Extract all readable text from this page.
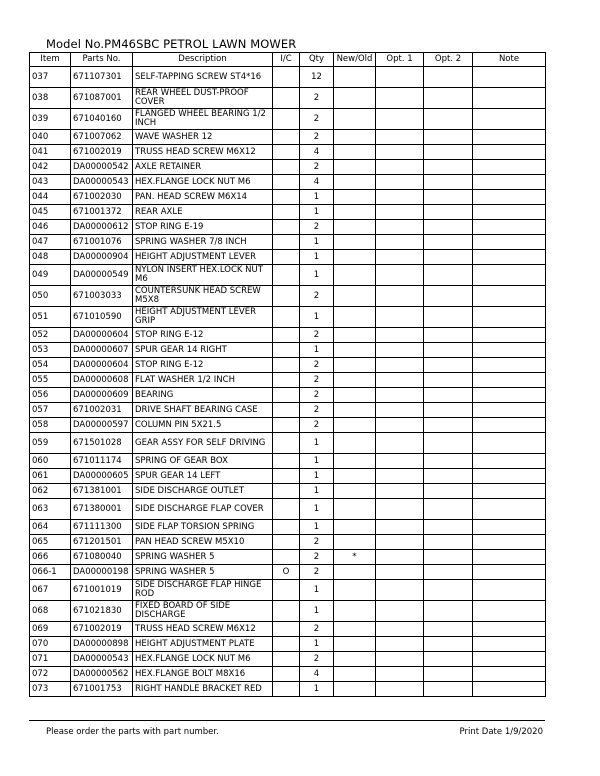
Model No.PM46SBC PETROL LAWN MOWER
Item	Parts No.	Description	I/C	Qty	New/Old	Opt. 1	Opt. 2	Note
037	671107301	SELF-TAPPING SCREW ST4*16		12				
038	671087001	REAR WHEEL DUST-PROOF COVER		2				
039	671040160	FLANGED WHEEL BEARING 1/2 INCH		2				
040	671007062	WAVE WASHER 12		2				
041	671002019	TRUSS HEAD SCREW M6X12		4				
042	DA00000542	AXLE RETAINER		2				
043	DA00000543	HEX.FLANGE LOCK NUT M6		4				
044	671002030	PAN. HEAD SCREW M6X14		1				
045	671001372	REAR AXLE		1				
046	DA00000612	STOP RING E-19		2				
047	671001076	SPRING WASHER 7/8 INCH		1				
048	DA00000904	HEIGHT ADJUSTMENT LEVER		1				
049	DA00000549	NYLON INSERT HEX.LOCK NUT M6		1				
050	671003033	COUNTERSUNK HEAD SCREW M5X8		2				
051	671010590	HEIGHT ADJUSTMENT LEVER GRIP		1				
052	DA00000604	STOP RING E-12		2				
053	DA00000607	SPUR GEAR 14 RIGHT		1				
054	DA00000604	STOP RING E-12		2				
055	DA00000608	FLAT WASHER 1/2 INCH		2				
056	DA00000609	BEARING		2				
057	671002031	DRIVE SHAFT BEARING CASE		2				
058	DA00000597	COLUMN PIN 5X21.5		2				
059	671501028	GEAR ASSY FOR SELF DRIVING		1				
060	671011174	SPRING OF GEAR BOX		1				
061	DA00000605	SPUR GEAR 14 LEFT		1				
062	671381001	SIDE DISCHARGE OUTLET		1				
063	671380001	SIDE DISCHARGE FLAP COVER		1				
064	671111300	SIDE FLAP TORSION SPRING		1				
065	671201501	PAN HEAD SCREW M5X10		2				
066	671080040	SPRING WASHER 5		2	*			
066-1	DA00000198	SPRING WASHER 5	O	2				
067	671001019	SIDE DISCHARGE FLAP HINGE ROD		1				
068	671021830	FIXED BOARD OF SIDE DISCHARGE		1				
069	671002019	TRUSS HEAD SCREW M6X12		2				
070	DA00000898	HEIGHT ADJUSTMENT PLATE		1				
071	DA00000543	HEX.FLANGE LOCK NUT M6		2				
072	DA00000562	HEX.FLANGE BOLT M8X16		4				
073	671001753	RIGHT HANDLE BRACKET RED		1				
Please order the parts with part number.	Print Date 1/9/2020
